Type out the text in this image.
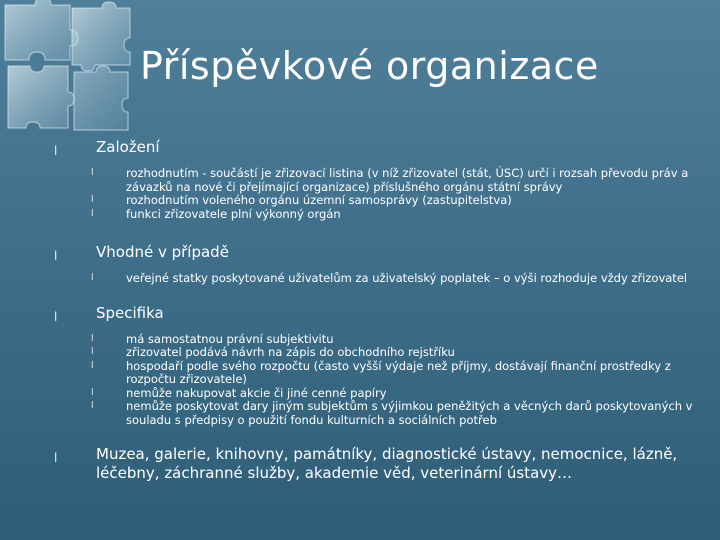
Příspěvkové organizace
l	Založení
l	rozhodnutím - součástí je zřizovací listina (v níž zřizovatel (stát, ÚSC) určí i rozsah převodu práv a závazků na nové či přejímající organizace) příslušného orgánu státní správy
l	rozhodnutím voleného orgánu územní samosprávy (zastupitelstva)
l	funkci zřizovatele plní výkonný orgán
l	Vhodné v případě
l	veřejné statky poskytované uživatelům za uživatelský poplatek – o výši rozhoduje vždy zřizovatel
l	Specifika
l	má samostatnou právní subjektivitu
l	zřizovatel podává návrh na zápis do obchodního rejstříku
l	hospodaří podle svého rozpočtu (často vyšší výdaje než příjmy, dostávají finanční prostředky z rozpočtu zřizovatele)
l	nemůže nakupovat akcie či jiné cenné papíry
l	nemůže poskytovat dary jiným subjektům s výjimkou peněžitých a věcných darů poskytovaných v souladu s předpisy o použití fondu kulturních a sociálních potřeb
l	Muzea, galerie, knihovny, památníky, diagnostické ústavy, nemocnice, lázně, léčebny, záchranné služby, akademie věd, veterinární ústavy…
